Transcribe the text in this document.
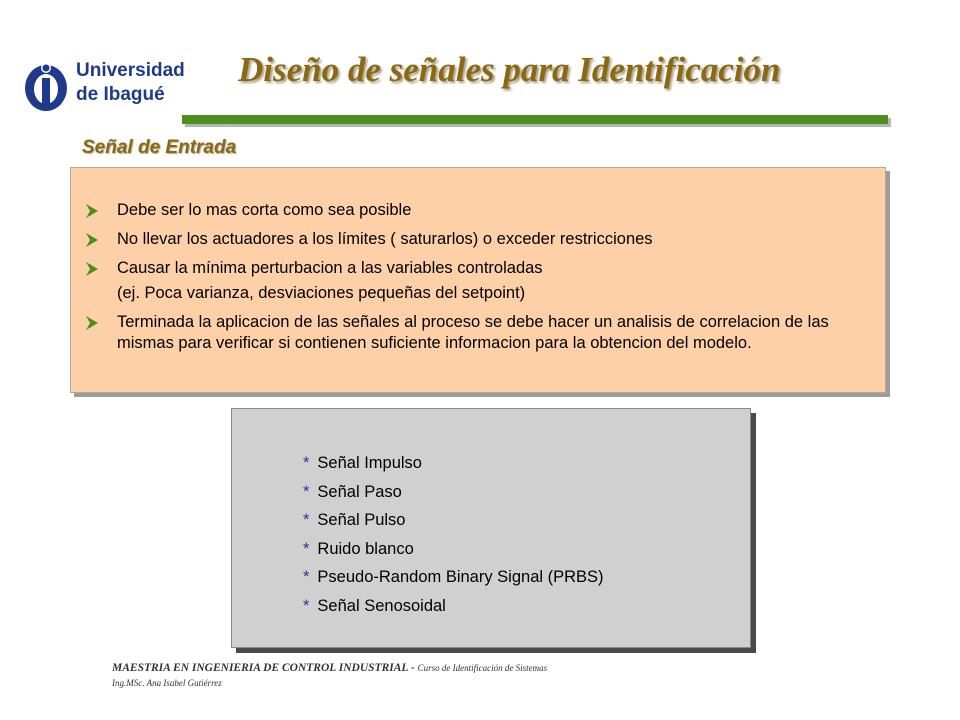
Universidad
de Ibagué
Diseño de señales para Identificación
Señal de Entrada
Debe ser lo mas corta como sea posible
No llevar los actuadores a los límites ( saturarlos) o exceder restricciones
Causar la mínima perturbacion a las variables controladas
(ej. Poca varianza, desviaciones pequeñas del setpoint)
Terminada la aplicacion de las señales al proceso se debe hacer un analisis de correlacion de las mismas para verificar si contienen suficiente informacion para la obtencion del modelo.
* Señal Impulso
* Señal Paso
* Señal Pulso
* Ruido blanco
* Pseudo-Random Binary Signal (PRBS)
* Señal Senosoidal
MAESTRIA EN INGENIERIA DE CONTROL INDUSTRIAL - Curso de Identificación de Sistemas
Ing.MSc. Ana Isabel Gutiérrez
